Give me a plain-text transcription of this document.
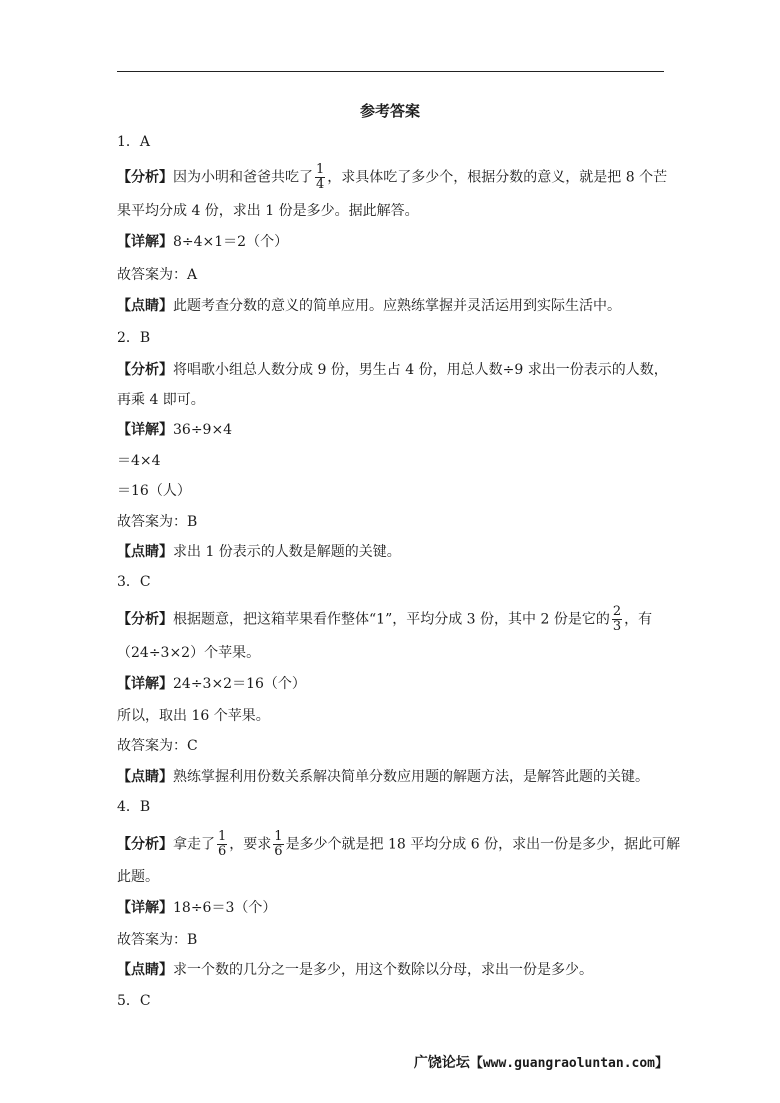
参考答案
1．A
【分析】因为小明和爸爸共吃了 $\frac{1}{4}$ ，求具体吃了多少个，根据分数的意义，就是把 8 个芒
果平均分成 4 份，求出 1 份是多少。据此解答。
【详解】8÷4×1＝2（个）
故答案为：A
【点睛】此题考查分数的意义的简单应用。应熟练掌握并灵活运用到实际生活中。
2．B
【分析】将唱歌小组总人数分成 9 份，男生占 4 份，用总人数÷9 求出一份表示的人数，
再乘 4 即可。
【详解】36÷9×4
＝4×4
＝16（人）
故答案为：B
【点睛】求出 1 份表示的人数是解题的关键。
3．C
【分析】根据题意，把这箱苹果看作整体“1”，平均分成 3 份，其中 2 份是它的 $\frac{2}{3}$ ，有
（24÷3×2）个苹果。
【详解】24÷3×2＝16（个）
所以，取出 16 个苹果。
故答案为：C
【点睛】熟练掌握利用份数关系解决简单分数应用题的解题方法，是解答此题的关键。
4．B
【分析】拿走了 $\frac{1}{6}$ ，要求 $\frac{1}{6}$ 是多少个就是把 18 平均分成 6 份，求出一份是多少，据此可解
此题。
【详解】18÷6＝3（个）
故答案为：B
【点睛】求一个数的几分之一是多少，用这个数除以分母，求出一份是多少。
5．C
广饶论坛【www.guangraoluntan.com】
